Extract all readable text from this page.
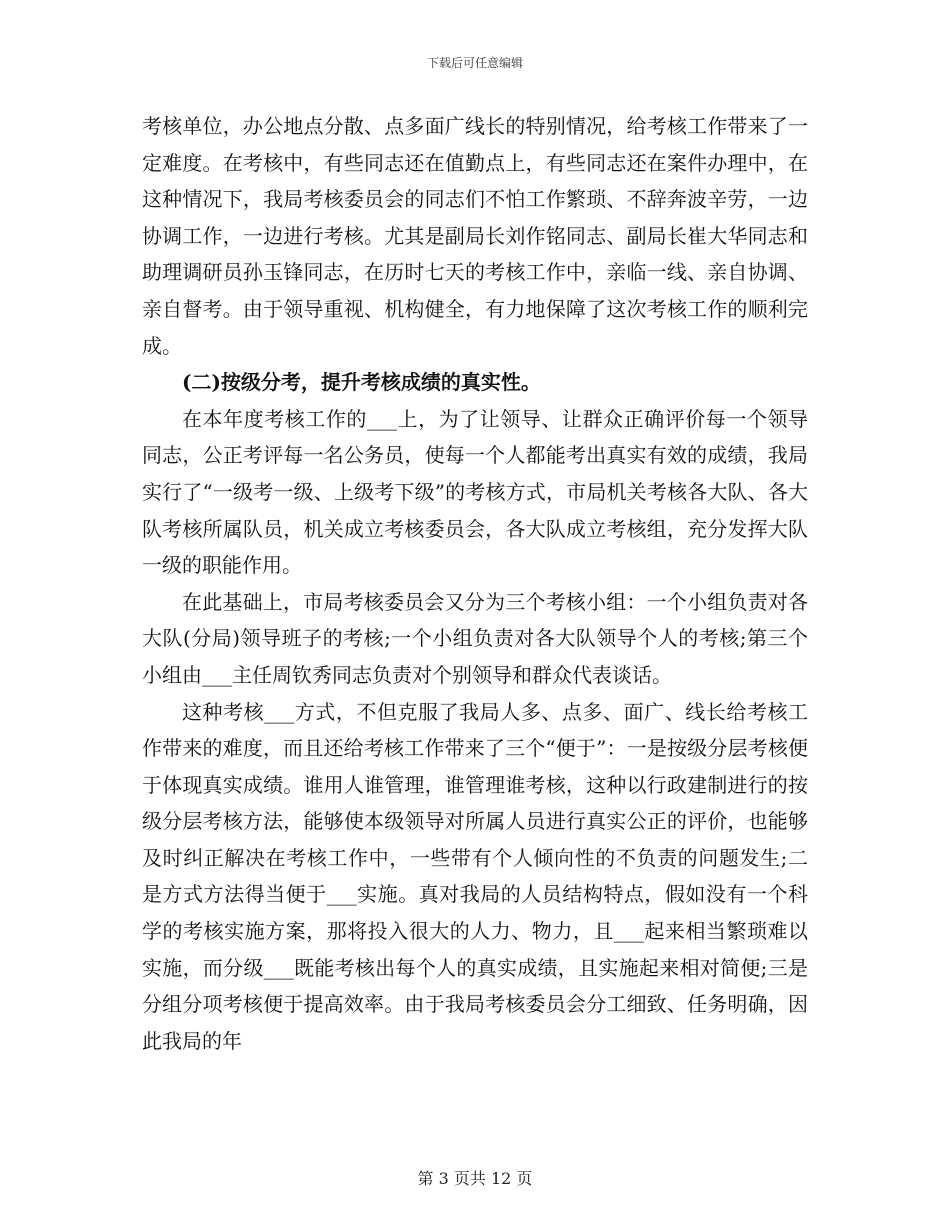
下载后可任意编辑

考核单位，办公地点分散、点多面广线长的特别情况，给考核工作带来了一定难度。在考核中，有些同志还在值勤点上，有些同志还在案件办理中，在这种情况下，我局考核委员会的同志们不怕工作繁琐、不辞奔波辛劳，一边协调工作，一边进行考核。尤其是副局长刘作铭同志、副局长崔大华同志和助理调研员孙玉锋同志，在历时七天的考核工作中，亲临一线、亲自协调、亲自督考。由于领导重视、机构健全，有力地保障了这次考核工作的顺利完成。

(二)按级分考，提升考核成绩的真实性。

在本年度考核工作的___上，为了让领导、让群众正确评价每一个领导同志，公正考评每一名公务员，使每一个人都能考出真实有效的成绩，我局实行了“一级考一级、上级考下级”的考核方式，市局机关考核各大队、各大队考核所属队员，机关成立考核委员会，各大队成立考核组，充分发挥大队一级的职能作用。

在此基础上，市局考核委员会又分为三个考核小组：一个小组负责对各大队(分局)领导班子的考核;一个小组负责对各大队领导个人的考核;第三个小组由___主任周钦秀同志负责对个别领导和群众代表谈话。

这种考核___方式，不但克服了我局人多、点多、面广、线长给考核工作带来的难度，而且还给考核工作带来了三个“便于”：一是按级分层考核便于体现真实成绩。谁用人谁管理，谁管理谁考核，这种以行政建制进行的按级分层考核方法，能够使本级领导对所属人员进行真实公正的评价，也能够及时纠正解决在考核工作中，一些带有个人倾向性的不负责的问题发生;二是方式方法得当便于___实施。真对我局的人员结构特点，假如没有一个科学的考核实施方案，那将投入很大的人力、物力，且___起来相当繁琐难以实施，而分级___既能考核出每个人的真实成绩，且实施起来相对简便;三是分组分项考核便于提高效率。由于我局考核委员会分工细致、任务明确，因此我局的年

第 3 页共 12 页
